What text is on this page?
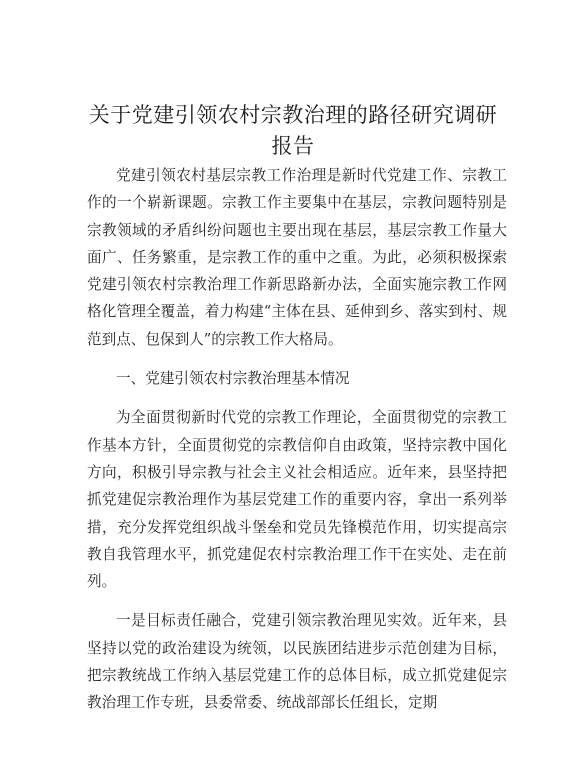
关于党建引领农村宗教治理的路径研究调研报告

党建引领农村基层宗教工作治理是新时代党建工作、宗教工作的一个崭新课题。宗教工作主要集中在基层，宗教问题特别是宗教领域的矛盾纠纷问题也主要出现在基层，基层宗教工作量大面广、任务繁重，是宗教工作的重中之重。为此，必须积极探索党建引领农村宗教治理工作新思路新办法，全面实施宗教工作网格化管理全覆盖，着力构建“主体在县、延伸到乡、落实到村、规范到点、包保到人”的宗教工作大格局。

一、党建引领农村宗教治理基本情况

为全面贯彻新时代党的宗教工作理论，全面贯彻党的宗教工作基本方针，全面贯彻党的宗教信仰自由政策，坚持宗教中国化方向，积极引导宗教与社会主义社会相适应。近年来，县坚持把抓党建促宗教治理作为基层党建工作的重要内容，拿出一系列举措，充分发挥党组织战斗堡垒和党员先锋模范作用，切实提高宗教自我管理水平，抓党建促农村宗教治理工作干在实处、走在前列。

一是目标责任融合，党建引领宗教治理见实效。近年来，县坚持以党的政治建设为统领，以民族团结进步示范创建为目标，把宗教统战工作纳入基层党建工作的总体目标，成立抓党建促宗教治理工作专班，县委常委、统战部部长任组长，定期
